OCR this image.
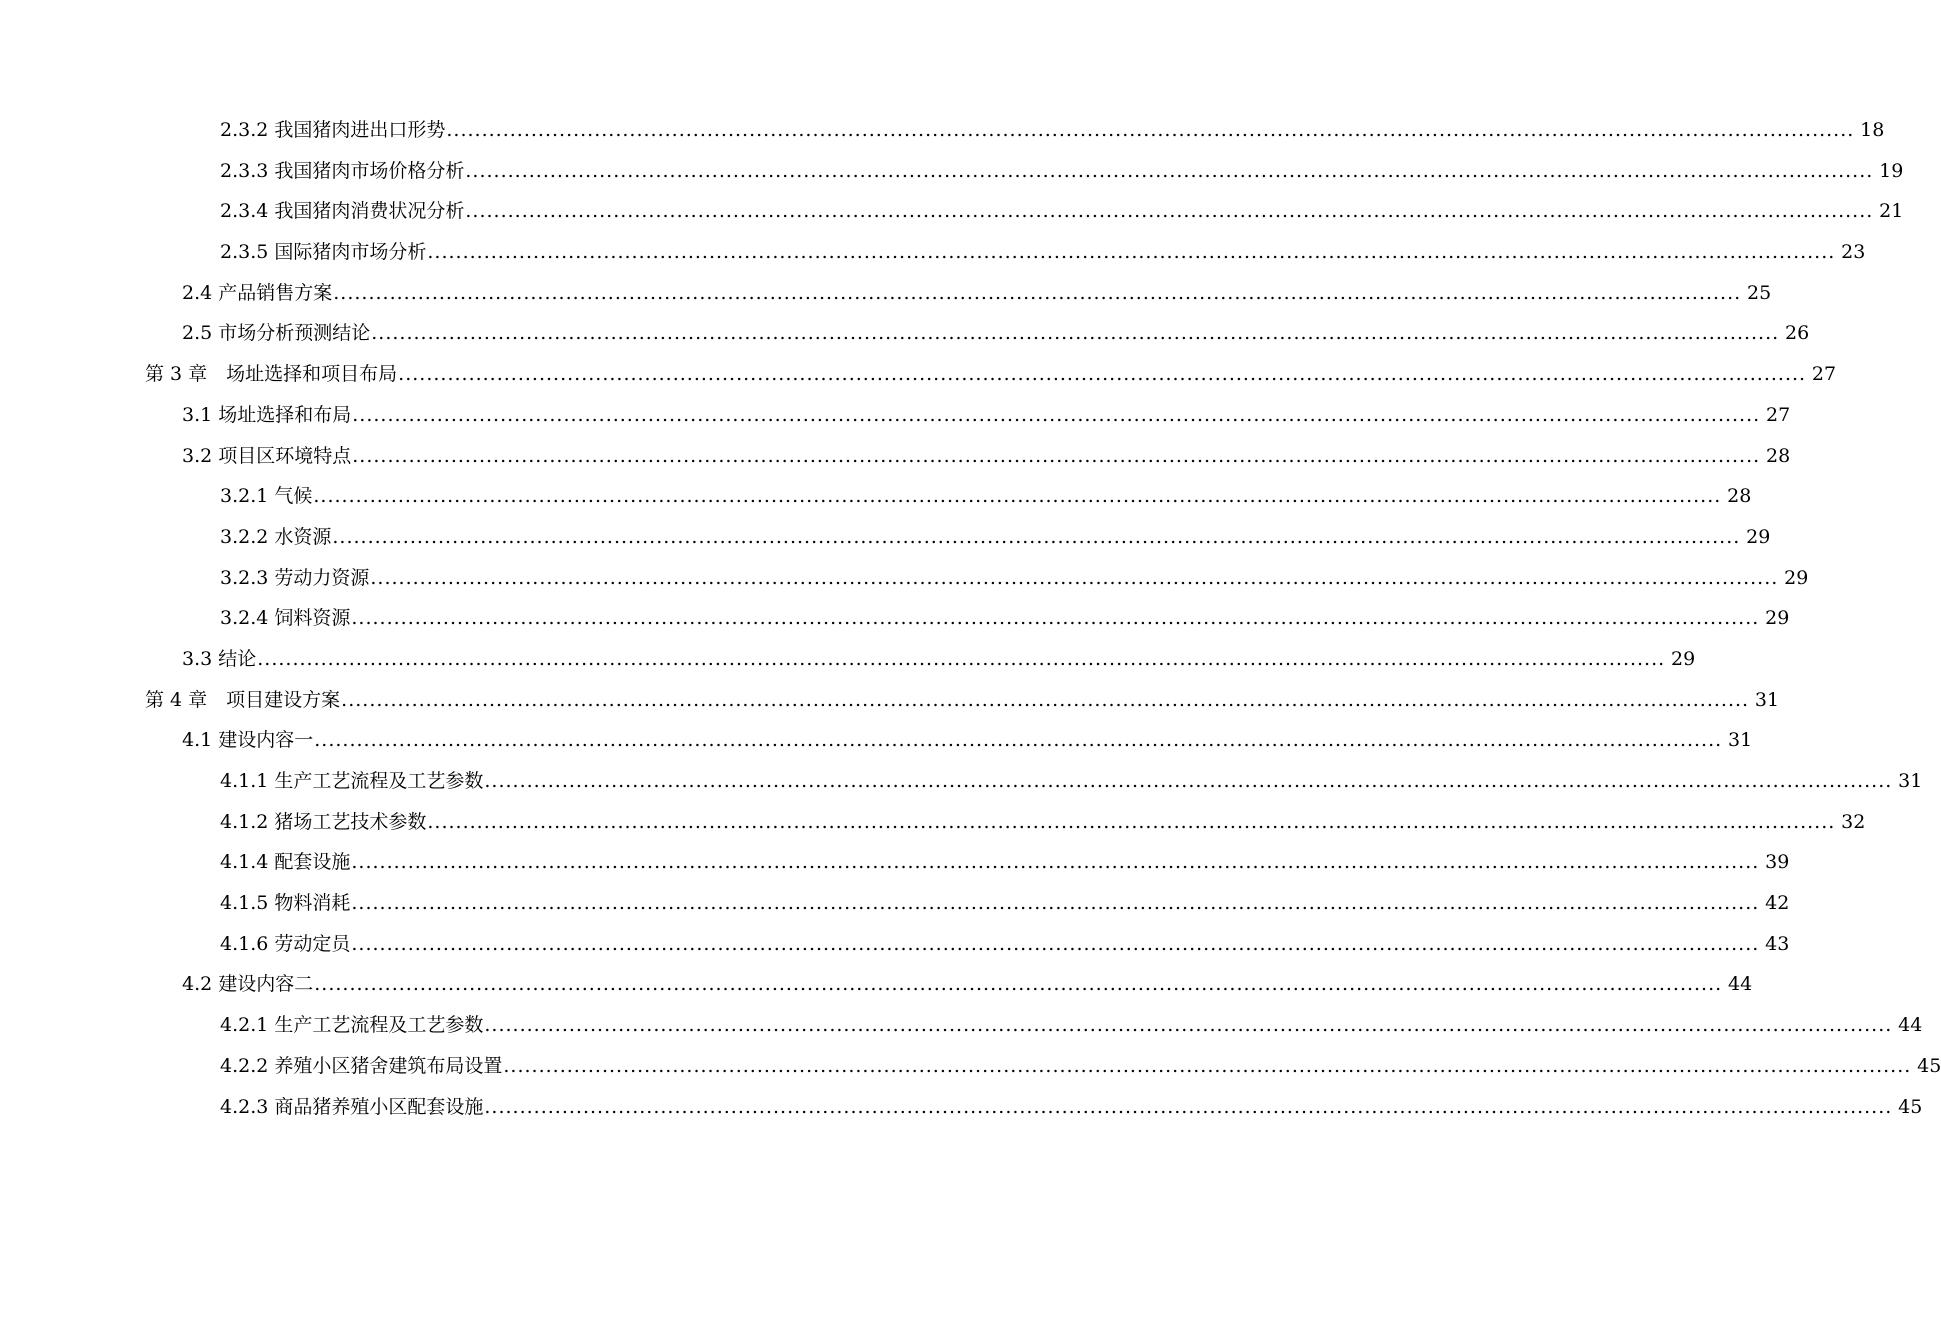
2.3.2 我国猪肉进出口形势 ........................................................................................................................................................................................................ 18
2.3.3 我国猪肉市场价格分析 ........................................................................................................................................................................................................ 19
2.3.4 我国猪肉消费状况分析 ........................................................................................................................................................................................................ 21
2.3.5 国际猪肉市场分析 ........................................................................................................................................................................................................ 23
2.4 产品销售方案 ........................................................................................................................................................................................................ 25
2.5 市场分析预测结论 ........................................................................................................................................................................................................ 26
第 3 章　场址选择和项目布局 ........................................................................................................................................................................................................ 27
3.1 场址选择和布局 ........................................................................................................................................................................................................ 27
3.2 项目区环境特点 ........................................................................................................................................................................................................ 28
3.2.1 气候 ........................................................................................................................................................................................................ 28
3.2.2 水资源 ........................................................................................................................................................................................................ 29
3.2.3 劳动力资源 ........................................................................................................................................................................................................ 29
3.2.4 饲料资源 ........................................................................................................................................................................................................ 29
3.3 结论 ........................................................................................................................................................................................................ 29
第 4 章　项目建设方案 ........................................................................................................................................................................................................ 31
4.1 建设内容一 ........................................................................................................................................................................................................ 31
4.1.1 生产工艺流程及工艺参数 ........................................................................................................................................................................................................ 31
4.1.2 猪场工艺技术参数 ........................................................................................................................................................................................................ 32
4.1.4 配套设施 ........................................................................................................................................................................................................ 39
4.1.5 物料消耗 ........................................................................................................................................................................................................ 42
4.1.6 劳动定员 ........................................................................................................................................................................................................ 43
4.2 建设内容二 ........................................................................................................................................................................................................ 44
4.2.1 生产工艺流程及工艺参数 ........................................................................................................................................................................................................ 44
4.2.2 养殖小区猪舍建筑布局设置 ........................................................................................................................................................................................................ 45
4.2.3 商品猪养殖小区配套设施 ........................................................................................................................................................................................................ 45
